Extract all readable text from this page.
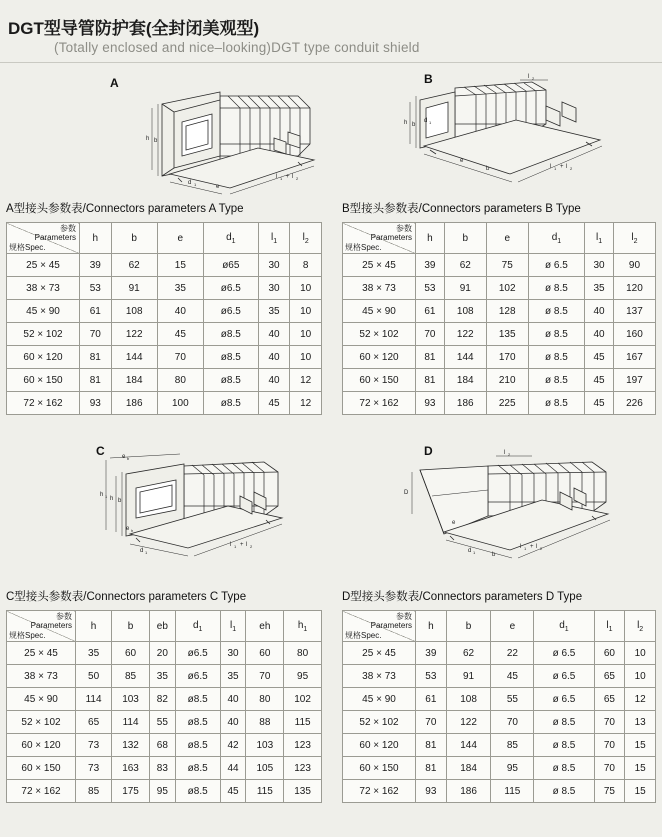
DGT型导管防护套(全封闭美观型)
(Totally enclosed and nice–looking)DGT type conduit shield
A
h b
d 1	e
l 1 + l 2
B
h b
d 1
e
b	l 1 + l 2
l 2
A型接头参数表/Connectors parameters A Type
参数
Parameters
规格Spec.	h	b	e	$d_1$	$l_1$	$l_2$
25 × 45	39	62	15	ø65	30	8
38 × 73	53	91	35	ø6.5	30	10
45 × 90	61	108	40	ø6.5	35	10
52 × 102	70	122	45	ø8.5	40	10
60 × 120	81	144	70	ø8.5	40	10
60 × 150	81	184	80	ø8.5	40	12
72 × 162	93	186	100	ø8.5	45	12
B型接头参数表/Connectors parameters B Type
参数
Parameters
规格Spec.	h	b	e	$d_1$	$l_1$	$l_2$
25 × 45	39	62	75	ø 6.5	30	90
38 × 73	53	91	102	ø 8.5	35	120
45 × 90	61	108	128	ø 8.5	40	137
52 × 102	70	122	135	ø 8.5	40	160
60 × 120	81	144	170	ø 8.5	45	167
60 × 150	81	184	210	ø 8.5	45	197
72 × 162	93	186	225	ø 8.5	45	226
C
h 1 h b
e b
e h
d 1
l 1 + l 2
D
D
d 1	b
l 1 + l 2
l 2
e
C型接头参数表/Connectors parameters C Type
参数
Parameters
规格Spec.	h	b	eb	$d_1$	$l_1$	eh	$h_1$
25 × 45	35	60	20	ø6.5	30	60	80
38 × 73	50	85	35	ø6.5	35	70	95
45 × 90	114	103	82	ø8.5	40	80	102
52 × 102	65	114	55	ø8.5	40	88	115
60 × 120	73	132	68	ø8.5	42	103	123
60 × 150	73	163	83	ø8.5	44	105	123
72 × 162	85	175	95	ø8.5	45	115	135
D型接头参数表/Connectors parameters D Type
参数
Parameters
规格Spec.	h	b	e	$d_1$	$l_1$	$l_2$
25 × 45	39	62	22	ø 6.5	60	10
38 × 73	53	91	45	ø 6.5	65	10
45 × 90	61	108	55	ø 6.5	65	12
52 × 102	70	122	70	ø 8.5	70	13
60 × 120	81	144	85	ø 8.5	70	15
60 × 150	81	184	95	ø 8.5	70	15
72 × 162	93	186	115	ø 8.5	75	15
